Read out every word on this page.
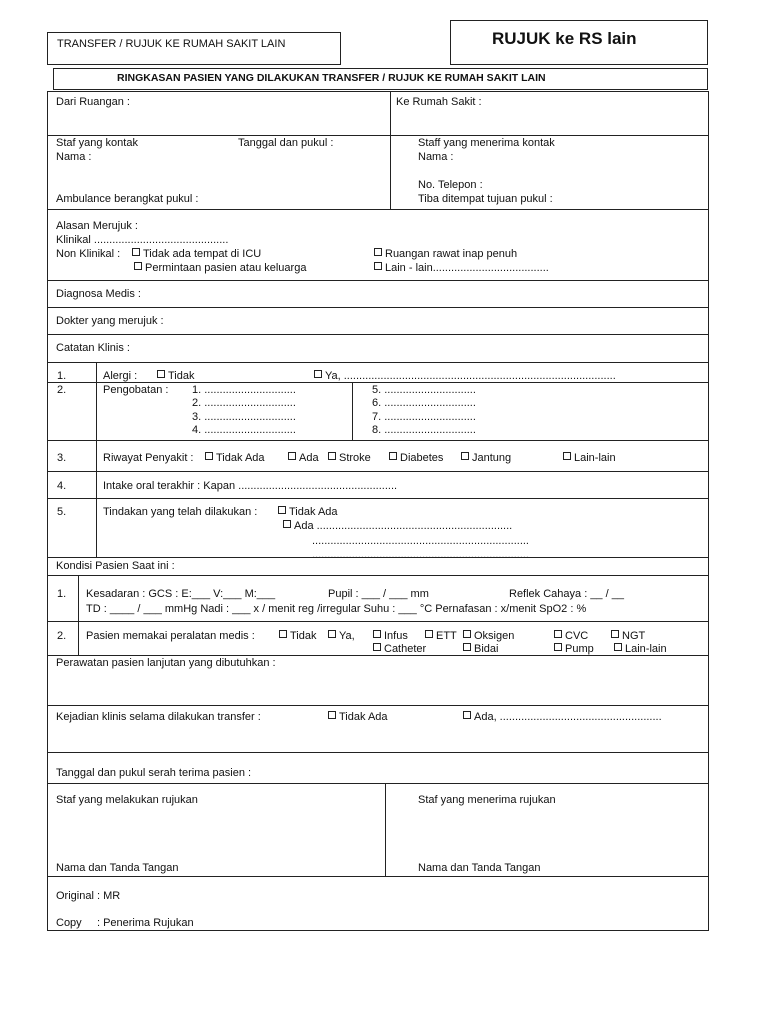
TRANSFER / RUJUK KE RUMAH SAKIT LAIN	RUJUK ke RS lain
RINGKASAN PASIEN YANG DILAKUKAN TRANSFER / RUJUK KE RUMAH SAKIT LAIN
Dari Ruangan :	Ke Rumah Sakit :
Staf yang kontak	Tanggal dan pukul :
Nama :
Staff yang menerima kontak
Nama :
No. Telepon :
Ambulance berangkat pukul :	Tiba ditempat tujuan pukul :
Alasan Merujuk :
Klinikal ............................................
Non Klinikal :	Tidak ada tempat di ICU	Ruangan rawat inap penuh
Permintaan pasien atau keluarga	Lain - lain......................................
Diagnosa Medis :
Dokter yang merujuk :
Catatan Klinis :
1.	Alergi :	Tidak	Ya, .........................................................................................
2.	Pengobatan : 1. ..............................
2. ..............................
3. ..............................
4. ..............................
5. ..............................
6. ..............................
7. ..............................
8. ..............................
3.	Riwayat Penyakit :	Tidak Ada	Ada	Stroke	Diabetes	Jantung	Lain-lain
4.	Intake oral terakhir : Kapan ....................................................
5.	Tindakan yang telah dilakukan :	Tidak Ada
Ada ................................................................
.......................................................................
.......................................................................
Kondisi Pasien Saat ini :
1. Kesadaran : GCS : E:___ V:___ M:___	Pupil : ___ / ___ mm	Reflek Cahaya : __ / __
TD : ____ / ___ mmHg Nadi : ___ x / menit reg /irregular Suhu : ___ °C Pernafasan : x/menit SpO2 : %
2. Pasien memakai peralatan medis :	Tidak	Ya,	Infus	ETT	Oksigen	CVC	NGT
Catheter	Bidai	Pump	Lain-lain
Perawatan pasien lanjutan yang dibutuhkan :
Kejadian klinis selama dilakukan transfer :	Tidak Ada	Ada, .....................................................
Tanggal dan pukul serah terima pasien :
Staf yang melakukan rujukan	Staf yang menerima rujukan
Nama dan Tanda Tangan	Nama dan Tanda Tangan
Original : MR
Copy     : Penerima Rujukan
